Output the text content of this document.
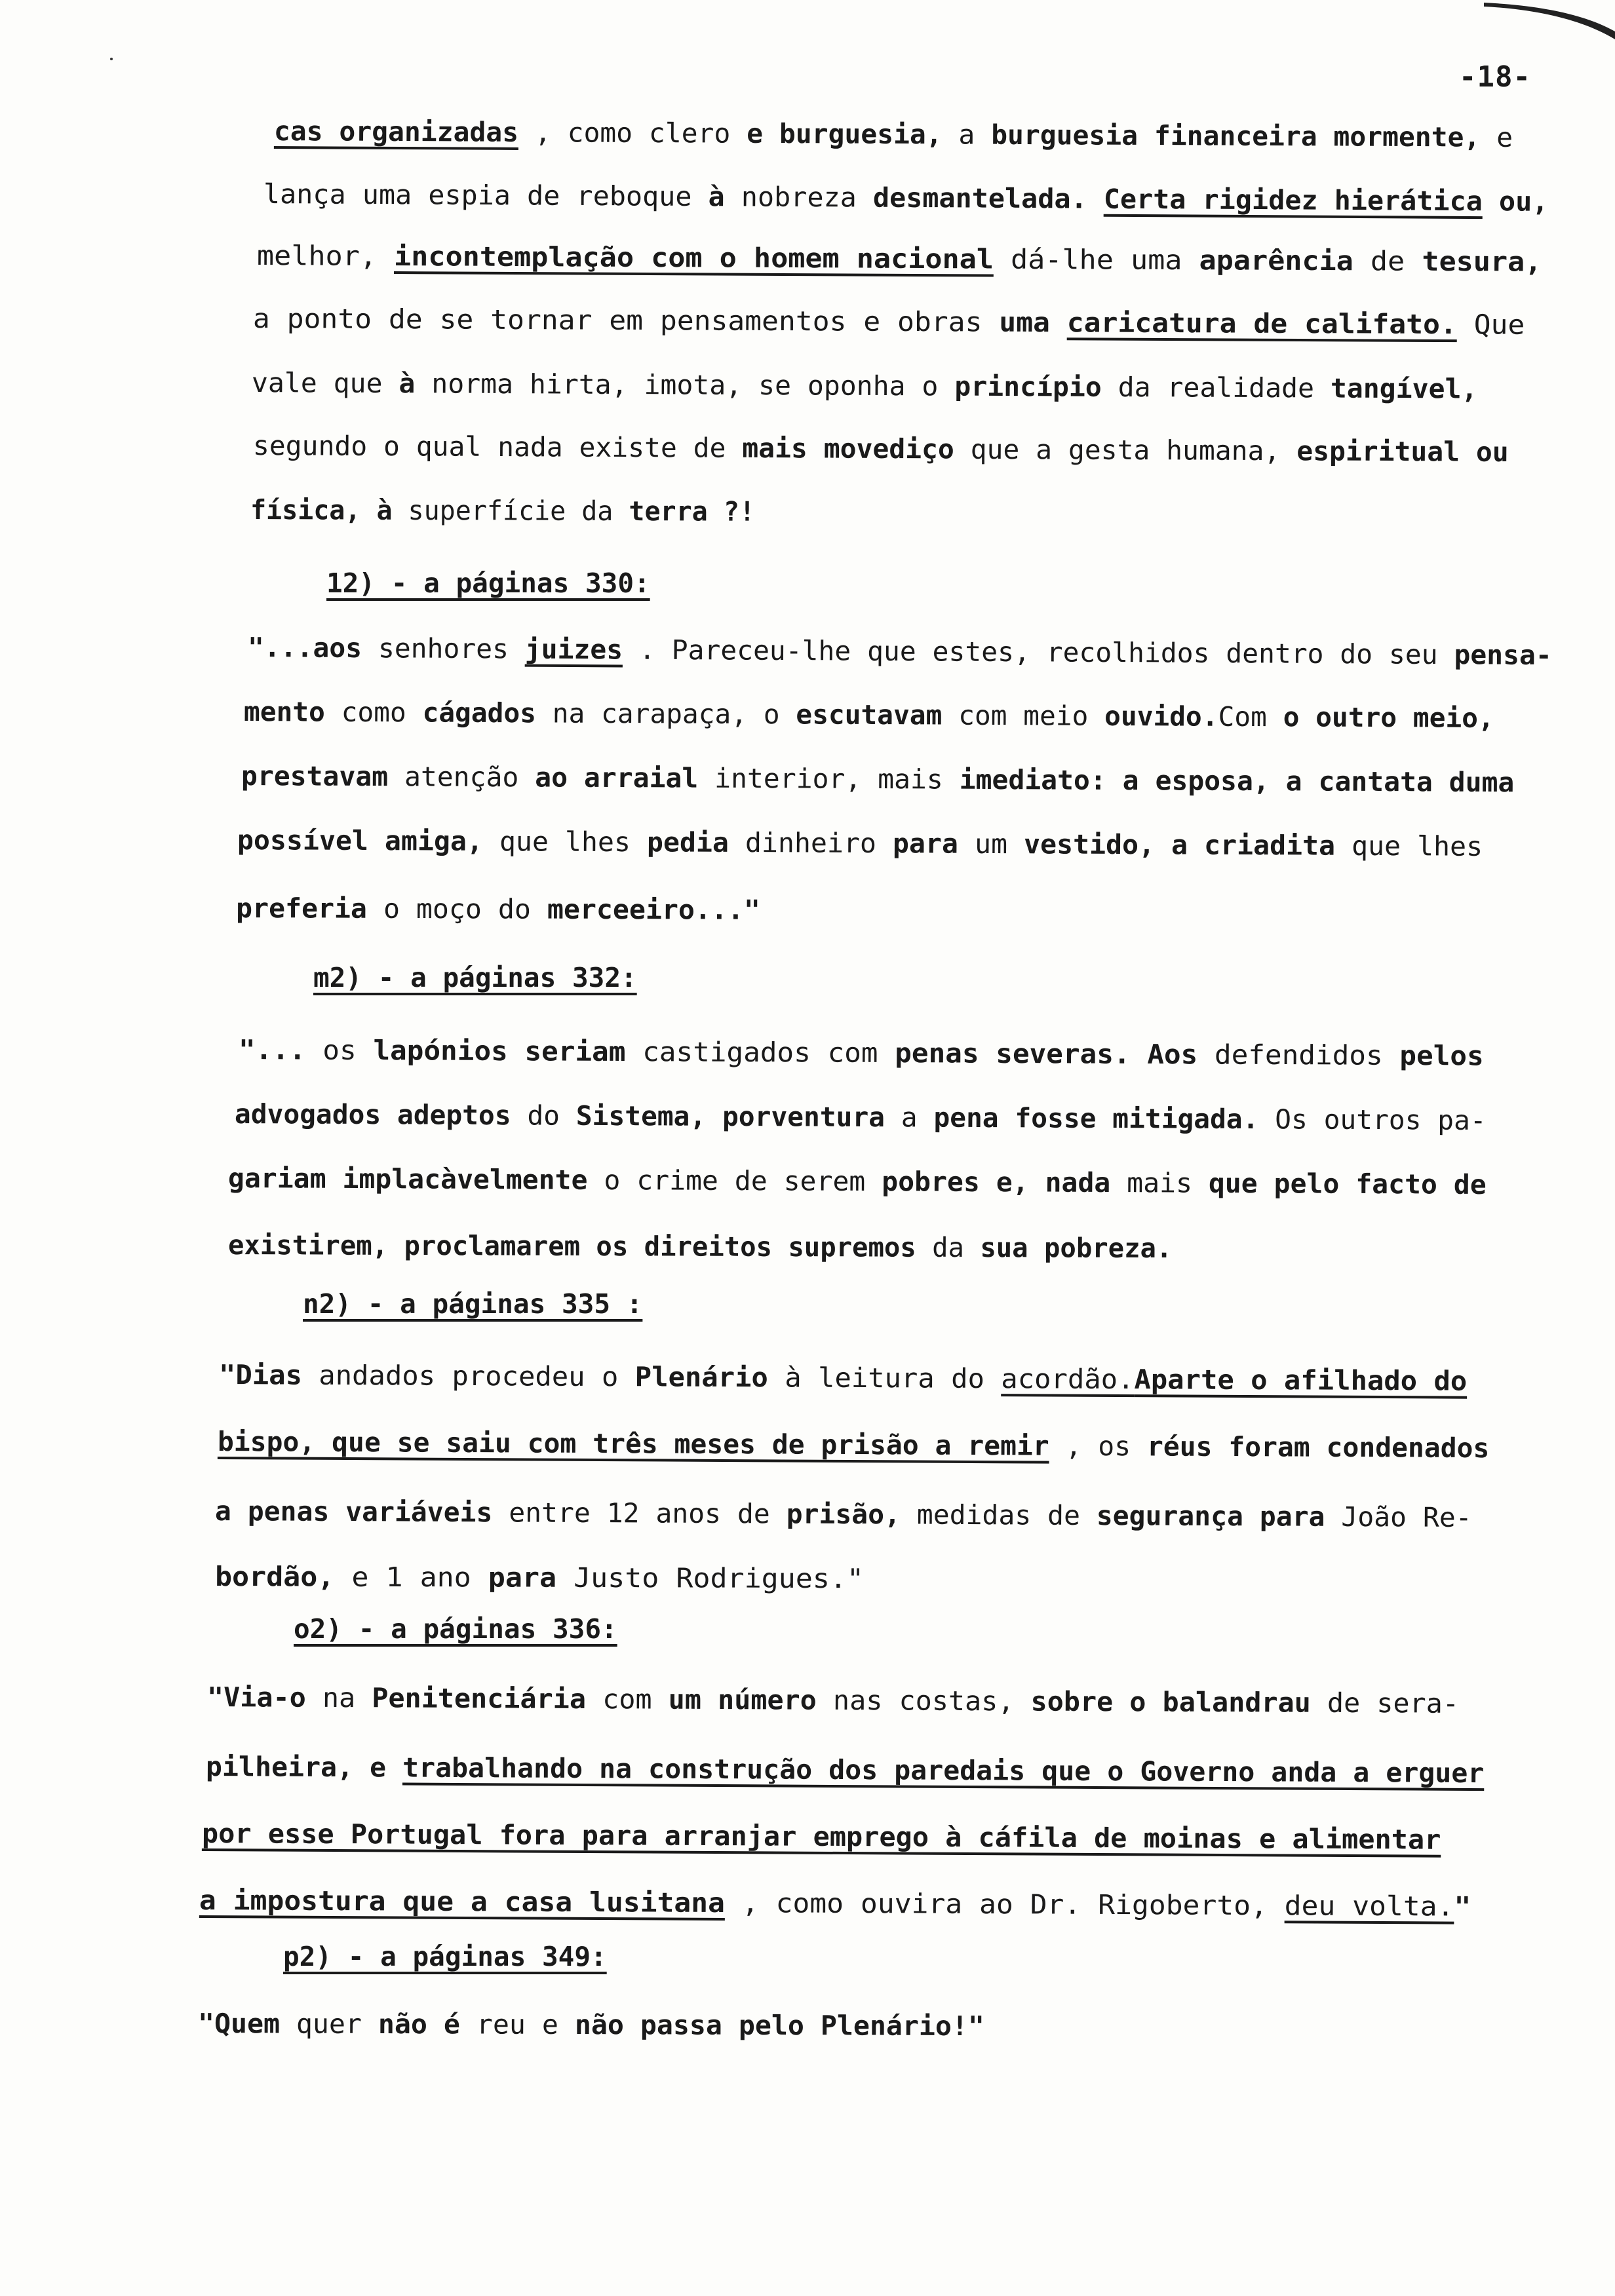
-18-
cas organizadas , como clero e burguesia, a burguesia financeira mormente, e
lança uma espia de reboque à nobreza desmantelada. Certa rigidez hierática ou,
melhor, incontemplação com o homem nacional dá-lhe uma aparência de tesura,
a ponto de se tornar em pensamentos e obras uma caricatura de califato. Que
vale que à norma hirta, imota, se oponha o princípio da realidade tangível,
segundo o qual nada existe de mais movediço que a gesta humana, espiritual ou
física, à superfície da terra ?!
12) - a páginas 330:
"...aos senhores juizes . Pareceu-lhe que estes, recolhidos dentro do seu pensa-
mento como cágados na carapaça, o escutavam com meio ouvido.Com o outro meio,
prestavam atenção ao arraial interior, mais imediato: a esposa, a cantata duma
possível amiga, que lhes pedia dinheiro para um vestido, a criadita que lhes
preferia o moço do merceeiro..."
m2) - a páginas 332:
"... os lapónios seriam castigados com penas severas. Aos defendidos pelos
advogados adeptos do Sistema, porventura a pena fosse mitigada. Os outros pa-
gariam implacàvelmente o crime de serem pobres e, nada mais que pelo facto de
existirem, proclamarem os direitos supremos da sua pobreza.
n2) - a páginas 335 :
"Dias andados procedeu o Plenário à leitura do acordão.Aparte o afilhado do
bispo, que se saiu com três meses de prisão a remir , os réus foram condenados
a penas variáveis entre 12 anos de prisão, medidas de segurança para João Re-
bordão, e 1 ano para Justo Rodrigues."
o2) - a páginas 336:
"Via-o na Penitenciária com um número nas costas, sobre o balandrau de sera-
pilheira, e trabalhando na construção dos paredais que o Governo anda a erguer
por esse Portugal fora para arranjar emprego à cáfila de moinas e alimentar
a impostura que a casa lusitana , como ouvira ao Dr. Rigoberto, deu volta."
p2) - a páginas 349:
"Quem quer não é reu e não passa pelo Plenário!"
